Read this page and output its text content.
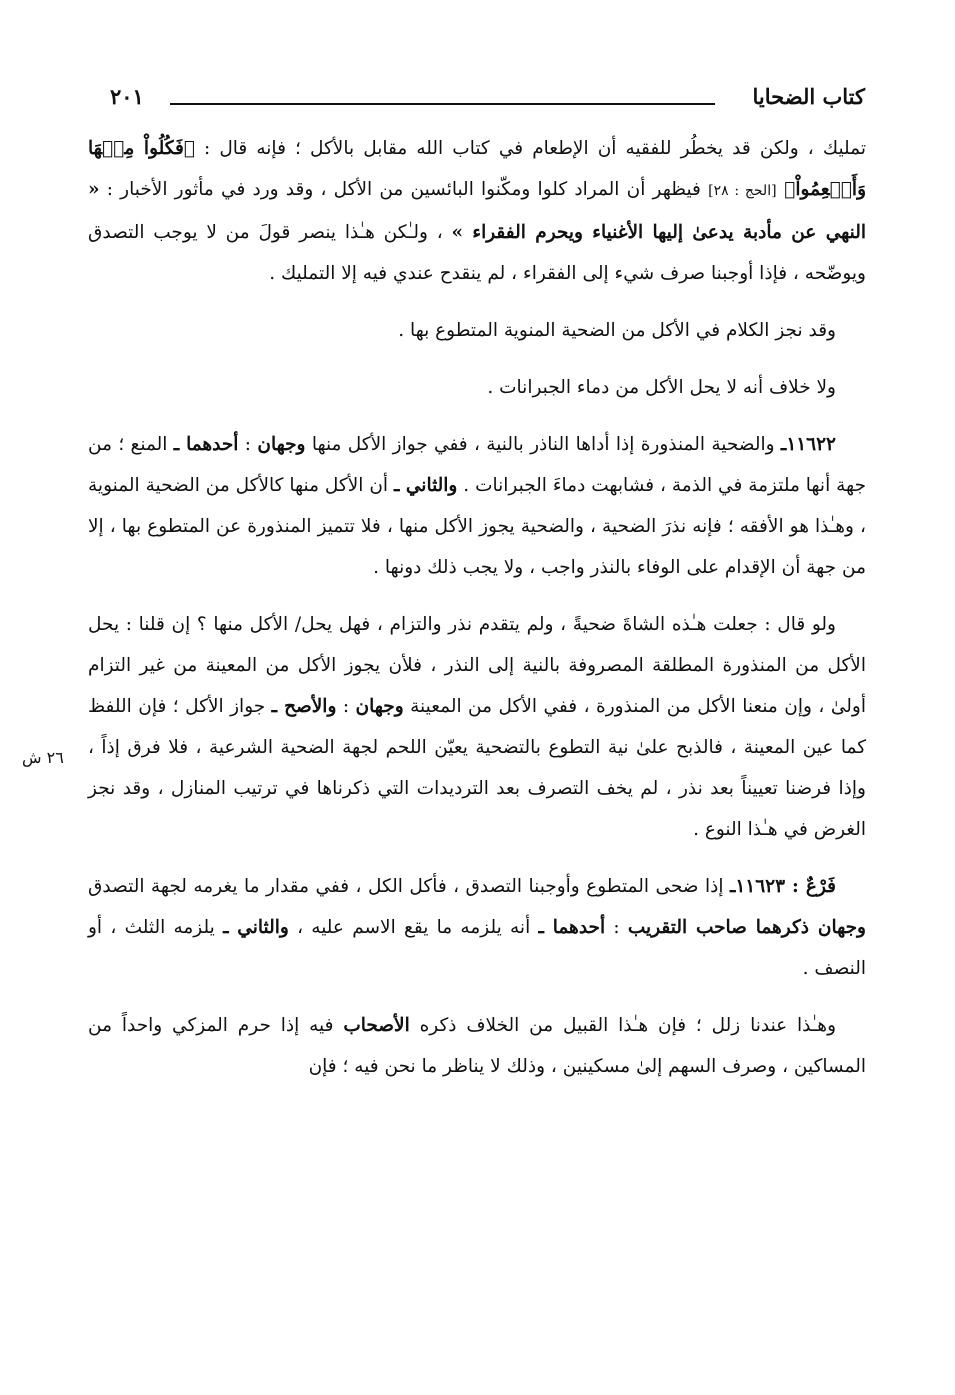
كتاب الضحايا
٢٠١
٢٦ ش

تمليك ، ولكن قد يخطُر للفقيه أن الإطعام في كتاب الله مقابل بالأكل ؛ فإنه قال : ﴿فَكُلُواْ مِنۡهَا وَأَطۡعِمُواْ﴾ [الحج : ٢٨] فيظهر أن المراد كلوا ومكّنوا البائسين من الأكل ، وقد ورد في مأثور الأخبار : « النهي عن مأدبة يدعىٰ إليها الأغنياء ويحرم الفقراء » ، ولـٰكن هـٰذا ينصر قولَ من لا يوجب التصدق ويوضّحه ، فإذا أوجبنا صرف شيء إلى الفقراء ، لم ينقدح عندي فيه إلا التمليك .

وقد نجز الكلام في الأكل من الضحية المنوية المتطوع بها .

ولا خلاف أنه لا يحل الأكل من دماء الجبرانات .

١١٦٢٢ـ والضحية المنذورة إذا أداها الناذر بالنية ، ففي جواز الأكل منها وجهان : أحدهما ـ المنع ؛ من جهة أنها ملتزمة في الذمة ، فشابهت دماءَ الجبرانات . والثاني ـ أن الأكل منها كالأكل من الضحية المنوية ، وهـٰذا هو الأفقه ؛ فإنه نذرَ الضحية ، والضحية يجوز الأكل منها ، فلا تتميز المنذورة عن المتطوع بها ، إلا من جهة أن الإقدام على الوفاء بالنذر واجب ، ولا يجب ذلك دونها .

ولو قال : جعلت هـٰذه الشاةَ ضحيةً ، ولم يتقدم نذر والتزام ، فهل يحل/ الأكل منها ؟ إن قلنا : يحل الأكل من المنذورة المطلقة المصروفة بالنية إلى النذر ، فلأن يجوز الأكل من المعينة من غير التزام أولىٰ ، وإن منعنا الأكل من المنذورة ، ففي الأكل من المعينة وجهان : والأصح ـ جواز الأكل ؛ فإن اللفظ كما عين المعينة ، فالذبح علىٰ نية التطوع بالتضحية يعيّن اللحم لجهة الضحية الشرعية ، فلا فرق إذاً ، وإذا فرضنا تعييناً بعد نذر ، لم يخف التصرف بعد الترديدات التي ذكرناها في ترتيب المنازل ، وقد نجز الغرض في هـٰذا النوع .

فَرْعٌ : ١١٦٢٣ـ إذا ضحى المتطوع وأوجبنا التصدق ، فأكل الكل ، ففي مقدار ما يغرمه لجهة التصدق وجهان ذكرهما صاحب التقريب : أحدهما ـ أنه يلزمه ما يقع الاسم عليه ، والثاني ـ يلزمه الثلث ، أو النصف .

وهـٰذا عندنا زلل ؛ فإن هـٰذا القبيل من الخلاف ذكره الأصحاب فيه إذا حرم المزكي واحداً من المساكين ، وصرف السهم إلىٰ مسكينين ، وذلك لا يناظر ما نحن فيه ؛ فإن
